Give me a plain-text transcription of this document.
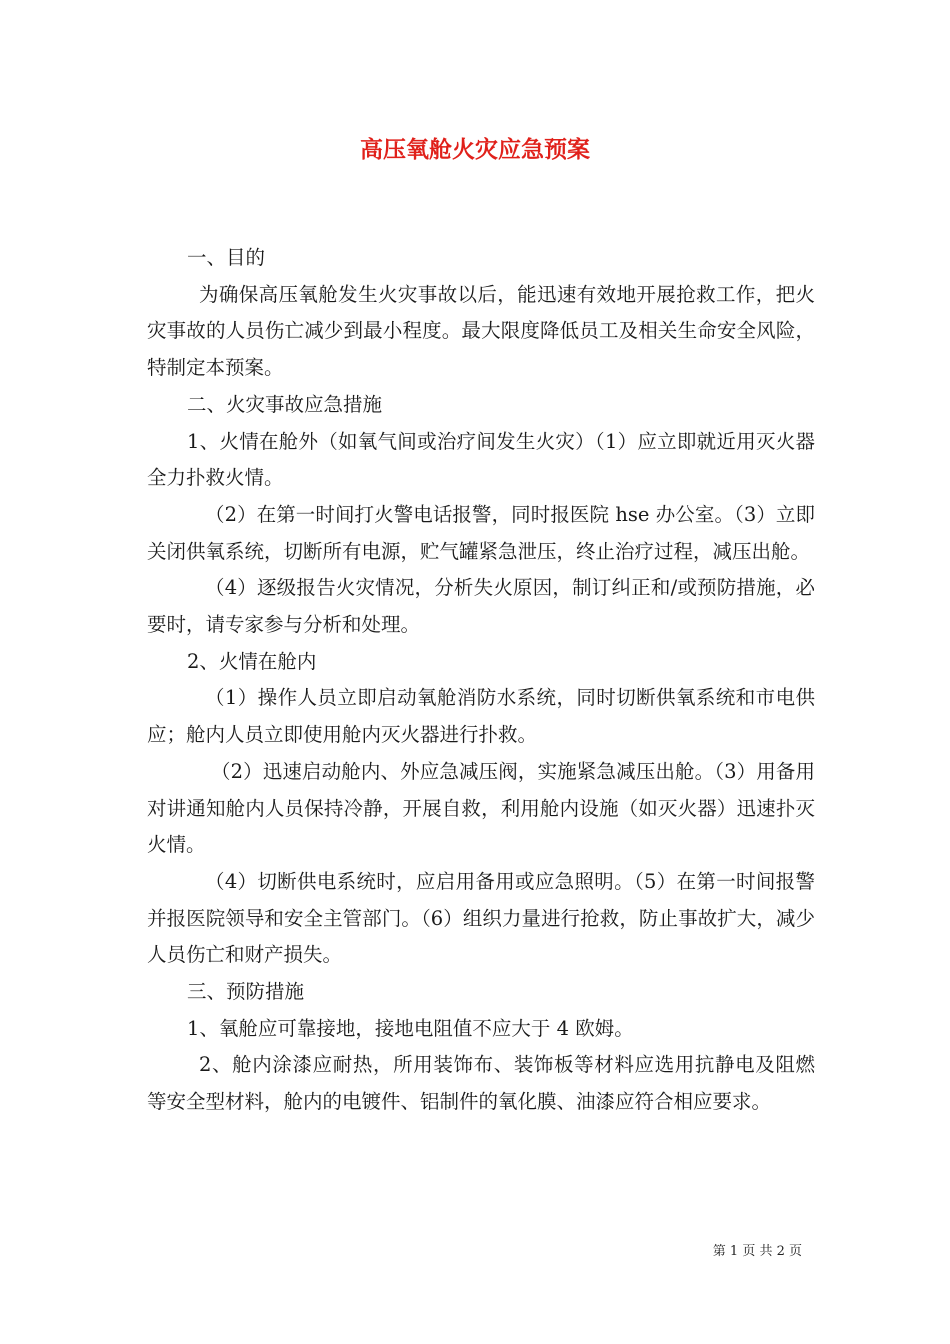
高压氧舱火灾应急预案

一、目的

为确保高压氧舱发生火灾事故以后，能迅速有效地开展抢救工作，把火灾事故的人员伤亡减少到最小程度。最大限度降低员工及相关生命安全风险，特制定本预案。

二、火灾事故应急措施

1、火情在舱外（如氧气间或治疗间发生火灾）（1）应立即就近用灭火器全力扑救火情。

（2）在第一时间打火警电话报警，同时报医院 hse 办公室。（3）立即关闭供氧系统，切断所有电源，贮气罐紧急泄压，终止治疗过程，减压出舱。

（4）逐级报告火灾情况，分析失火原因，制订纠正和/或预防措施，必要时，请专家参与分析和处理。

2、火情在舱内

（1）操作人员立即启动氧舱消防水系统，同时切断供氧系统和市电供应；舱内人员立即使用舱内灭火器进行扑救。

（2）迅速启动舱内、外应急减压阀，实施紧急减压出舱。（3）用备用对讲通知舱内人员保持冷静，开展自救，利用舱内设施（如灭火器）迅速扑灭火情。

（4）切断供电系统时，应启用备用或应急照明。（5）在第一时间报警并报医院领导和安全主管部门。（6）组织力量进行抢救，防止事故扩大，减少人员伤亡和财产损失。

三、预防措施

1、氧舱应可靠接地，接地电阻值不应大于 4 欧姆。

2、舱内涂漆应耐热，所用装饰布、装饰板等材料应选用抗静电及阻燃等安全型材料，舱内的电镀件、铝制件的氧化膜、油漆应符合相应要求。

第 1 页 共 2 页
